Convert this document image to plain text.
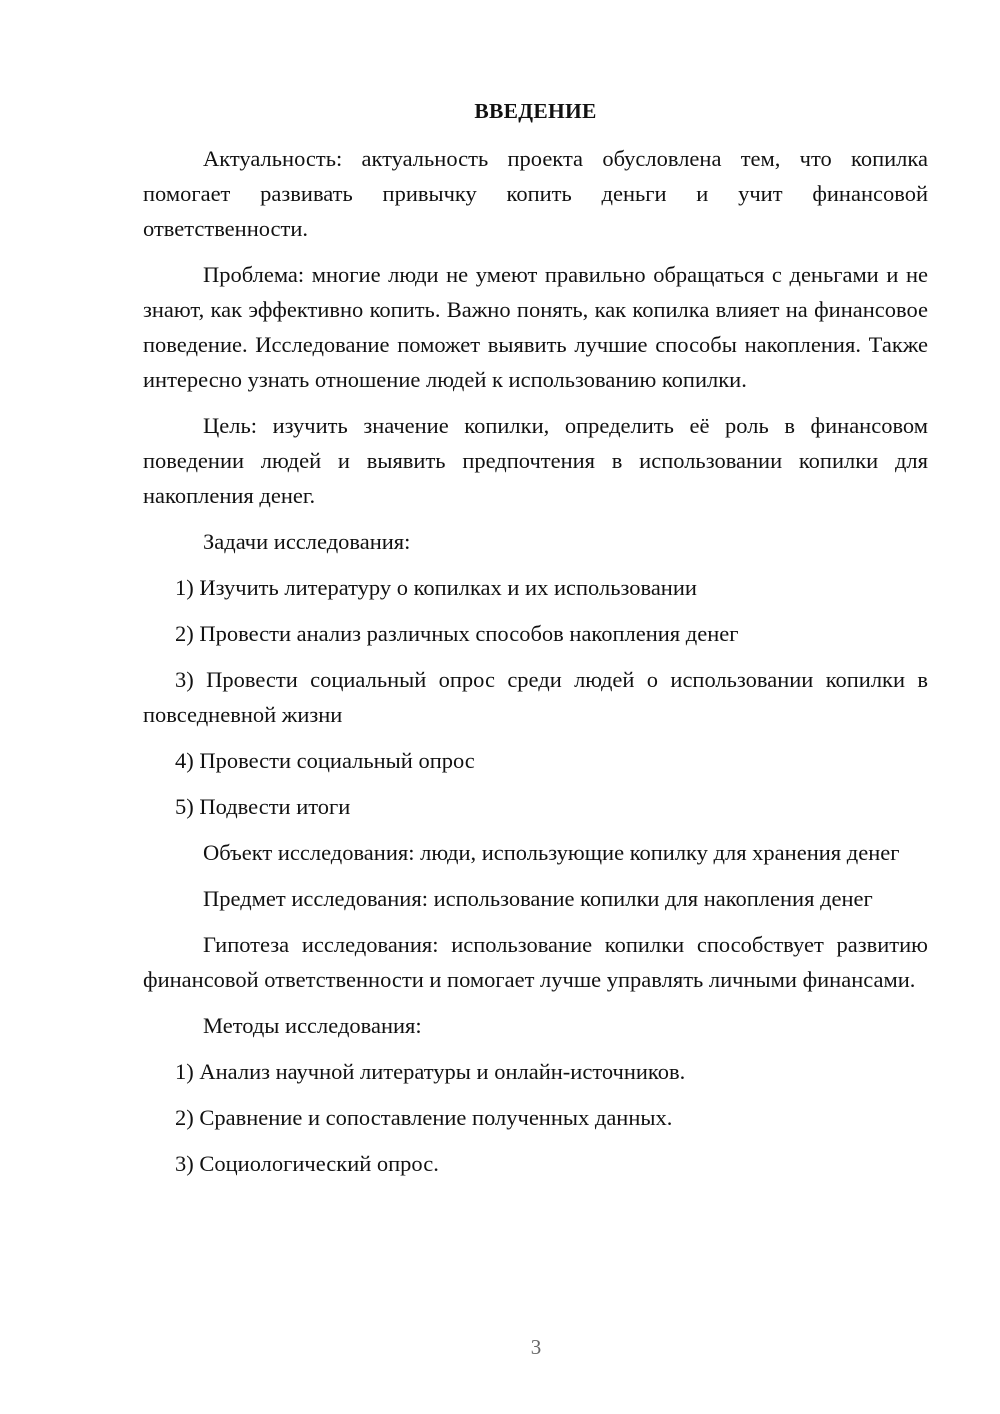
ВВЕДЕНИЕ

Актуальность: актуальность проекта обусловлена тем, что копилка помогает развивать привычку копить деньги и учит финансовой ответственности.

Проблема: многие люди не умеют правильно обращаться с деньгами и не знают, как эффективно копить. Важно понять, как копилка влияет на финансовое поведение. Исследование поможет выявить лучшие способы накопления. Также интересно узнать отношение людей к использованию копилки.

Цель: изучить значение копилки, определить её роль в финансовом поведении людей и выявить предпочтения в использовании копилки для накопления денег.

Задачи исследования:

1) Изучить литературу о копилках и их использовании

2) Провести анализ различных способов накопления денег

3) Провести социальный опрос среди людей о использовании копилки в повседневной жизни

4) Провести социальный опрос

5) Подвести итоги

Объект исследования: люди, использующие копилку для хранения денег

Предмет исследования: использование копилки для накопления денег

Гипотеза исследования: использование копилки способствует развитию финансовой ответственности и помогает лучше управлять личными финансами.

Методы исследования:

1) Анализ научной литературы и онлайн-источников.

2) Сравнение и сопоставление полученных данных.

3) Социологический опрос.

3
